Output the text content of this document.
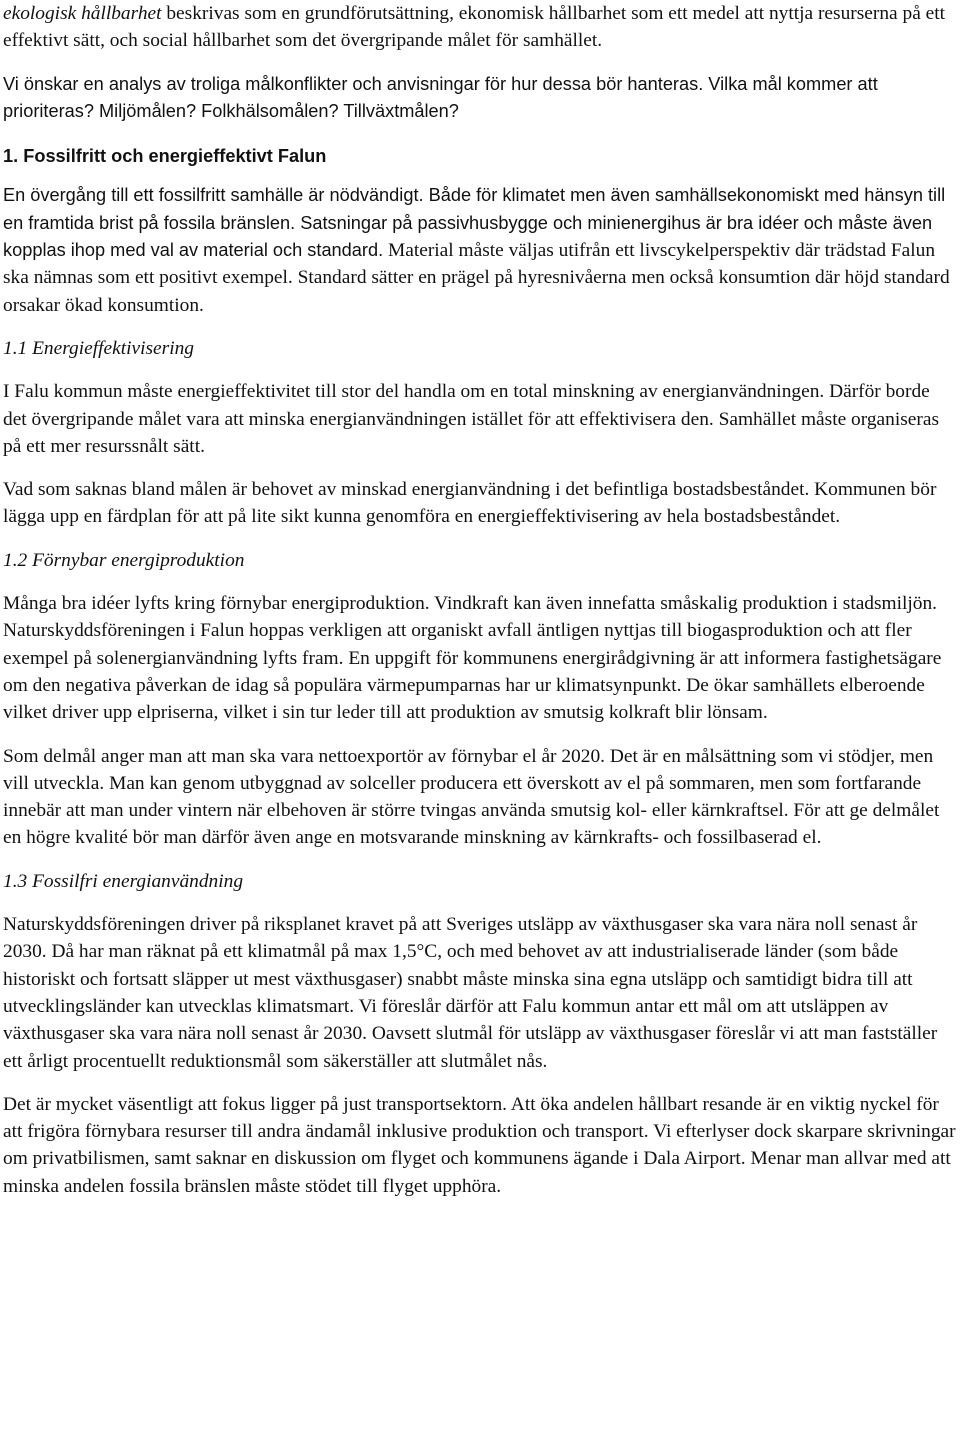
ekologisk hållbarhet beskrivas som en grundförutsättning, ekonomisk hållbarhet som ett medel att nyttja resurserna på ett effektivt sätt, och social hållbarhet som det övergripande målet för samhället.

Vi önskar en analys av troliga målkonflikter och anvisningar för hur dessa bör hanteras. Vilka mål kommer att prioriteras? Miljömålen? Folkhälsomålen? Tillväxtmålen?

1. Fossilfritt och energieffektivt Falun

En övergång till ett fossilfritt samhälle är nödvändigt. Både för klimatet men även samhällsekonomiskt med hänsyn till en framtida brist på fossila bränslen. Satsningar på passivhusbygge och minienergihus är bra idéer och måste även kopplas ihop med val av material och standard. Material måste väljas utifrån ett livscykelperspektiv där trädstad Falun ska nämnas som ett positivt exempel. Standard sätter en prägel på hyresnivåerna men också konsumtion där höjd standard orsakar ökad konsumtion.

1.1 Energieffektivisering

I Falu kommun måste energieffektivitet till stor del handla om en total minskning av energianvändningen. Därför borde det övergripande målet vara att minska energianvändningen istället för att effektivisera den. Samhället måste organiseras på ett mer resurssnålt sätt.

Vad som saknas bland målen är behovet av minskad energianvändning i det befintliga bostadsbeståndet. Kommunen bör lägga upp en färdplan för att på lite sikt kunna genomföra en energieffektivisering av hela bostadsbeståndet.

1.2 Förnybar energiproduktion

Många bra idéer lyfts kring förnybar energiproduktion. Vindkraft kan även innefatta småskalig produktion i stadsmiljön. Naturskyddsföreningen i Falun hoppas verkligen att organiskt avfall äntligen nyttjas till biogasproduktion och att fler exempel på solenergianvändning lyfts fram. En uppgift för kommunens energirådgivning är att informera fastighetsägare om den negativa påverkan de idag så populära värmepumparnas har ur klimatsynpunkt. De ökar samhällets elberoende vilket driver upp elpriserna, vilket i sin tur leder till att produktion av smutsig kolkraft blir lönsam.

Som delmål anger man att man ska vara nettoexportör av förnybar el år 2020. Det är en målsättning som vi stödjer, men vill utveckla. Man kan genom utbyggnad av solceller producera ett överskott av el på sommaren, men som fortfarande innebär att man under vintern när elbehoven är större tvingas använda smutsig kol- eller kärnkraftsel. För att ge delmålet en högre kvalité bör man därför även ange en motsvarande minskning av kärnkrafts- och fossilbaserad el.

1.3 Fossilfri energianvändning

Naturskyddsföreningen driver på riksplanet kravet på att Sveriges utsläpp av växthusgaser ska vara nära noll senast år 2030. Då har man räknat på ett klimatmål på max 1,5°C, och med behovet av att industrialiserade länder (som både historiskt och fortsatt släpper ut mest växthusgaser) snabbt måste minska sina egna utsläpp och samtidigt bidra till att utvecklingsländer kan utvecklas klimatsmart. Vi föreslår därför att Falu kommun antar ett mål om att utsläppen av växthusgaser ska vara nära noll senast år 2030. Oavsett slutmål för utsläpp av växthusgaser föreslår vi att man fastställer ett årligt procentuellt reduktionsmål som säkerställer att slutmålet nås.

Det är mycket väsentligt att fokus ligger på just transportsektorn. Att öka andelen hållbart resande är en viktig nyckel för att frigöra förnybara resurser till andra ändamål inklusive produktion och transport. Vi efterlyser dock skarpare skrivningar om privatbilismen, samt saknar en diskussion om flyget och kommunens ägande i Dala Airport. Menar man allvar med att minska andelen fossila bränslen måste stödet till flyget upphöra.
